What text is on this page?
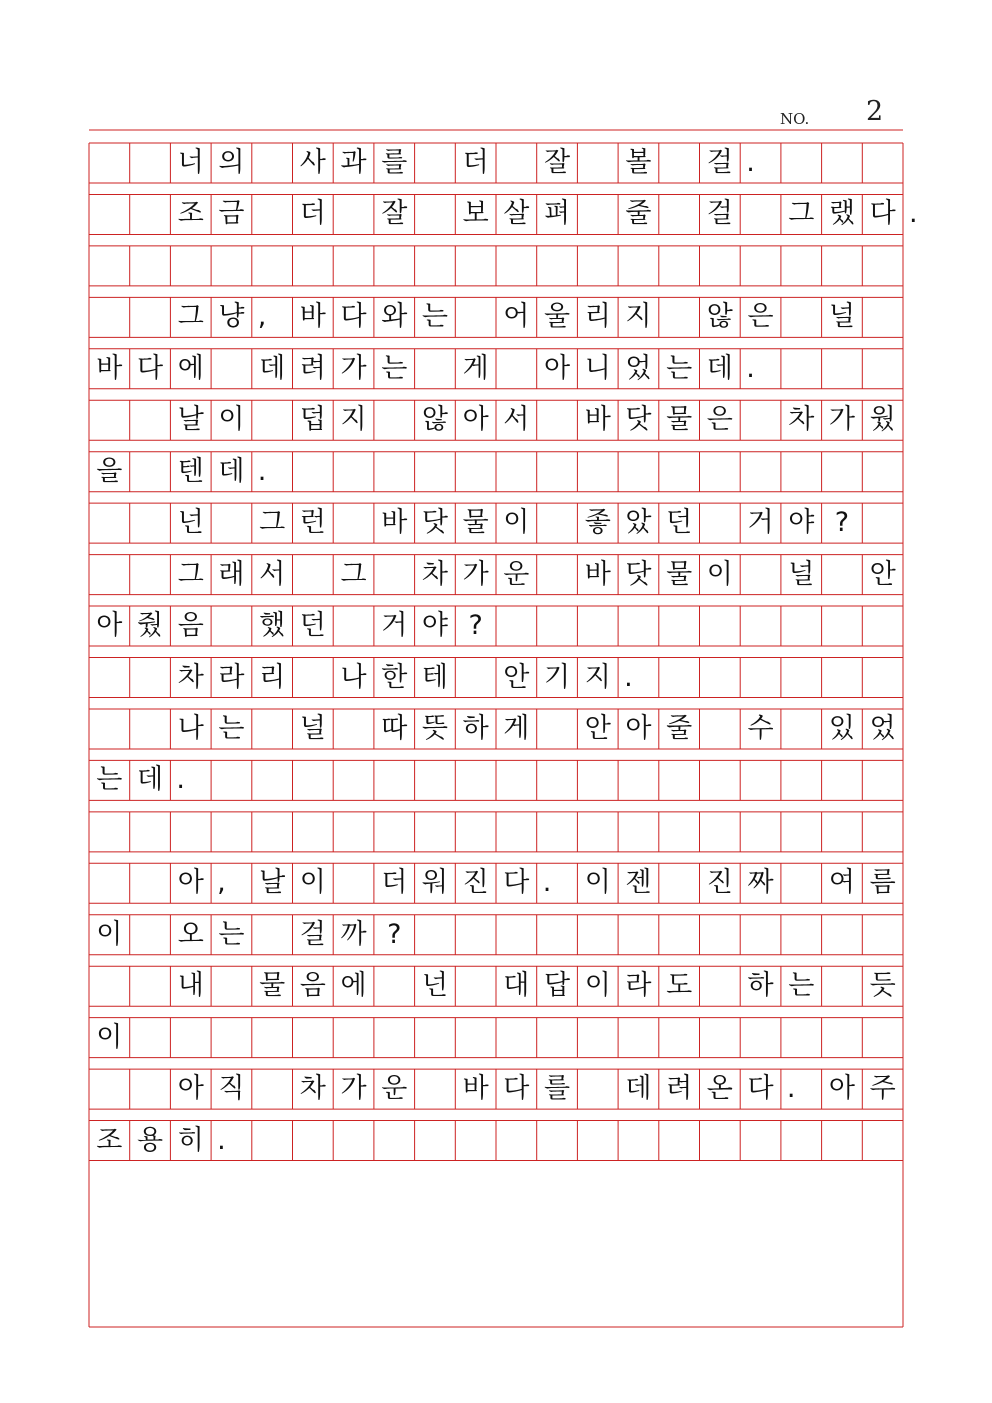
NO. 2
너 의 사 과 를 더 잘 볼 걸 .
조 금 더 잘 보 살 펴 줄 걸 그 랬 다 .
그 냥 , 바 다 와 는 어 울 리 지 않 은 널
바 다 에 데 려 가 는 게 아 니 었 는 데 .
날 이 덥 지 않 아 서 바 닷 물 은 차 가 웠
을 텐 데 .
넌 그 런 바 닷 물 이 좋 았 던 거 야 ?
그 래 서 그 차 가 운 바 닷 물 이 널 안
아 줬 음 했 던 거 야 ?
차 라 리 나 한 테 안 기 지 .
나 는 널 따 뜻 하 게 안 아 줄 수 있 었
는 데 .
아 , 날 이 더 워 진 다 . 이 젠 진 짜 여 름
이 오 는 걸 까 ?
내 물 음 에 넌 대 답 이 라 도 하 는 듯
이
아 직 차 가 운 바 다 를 데 려 온 다 . 아 주
조 용 히 .
